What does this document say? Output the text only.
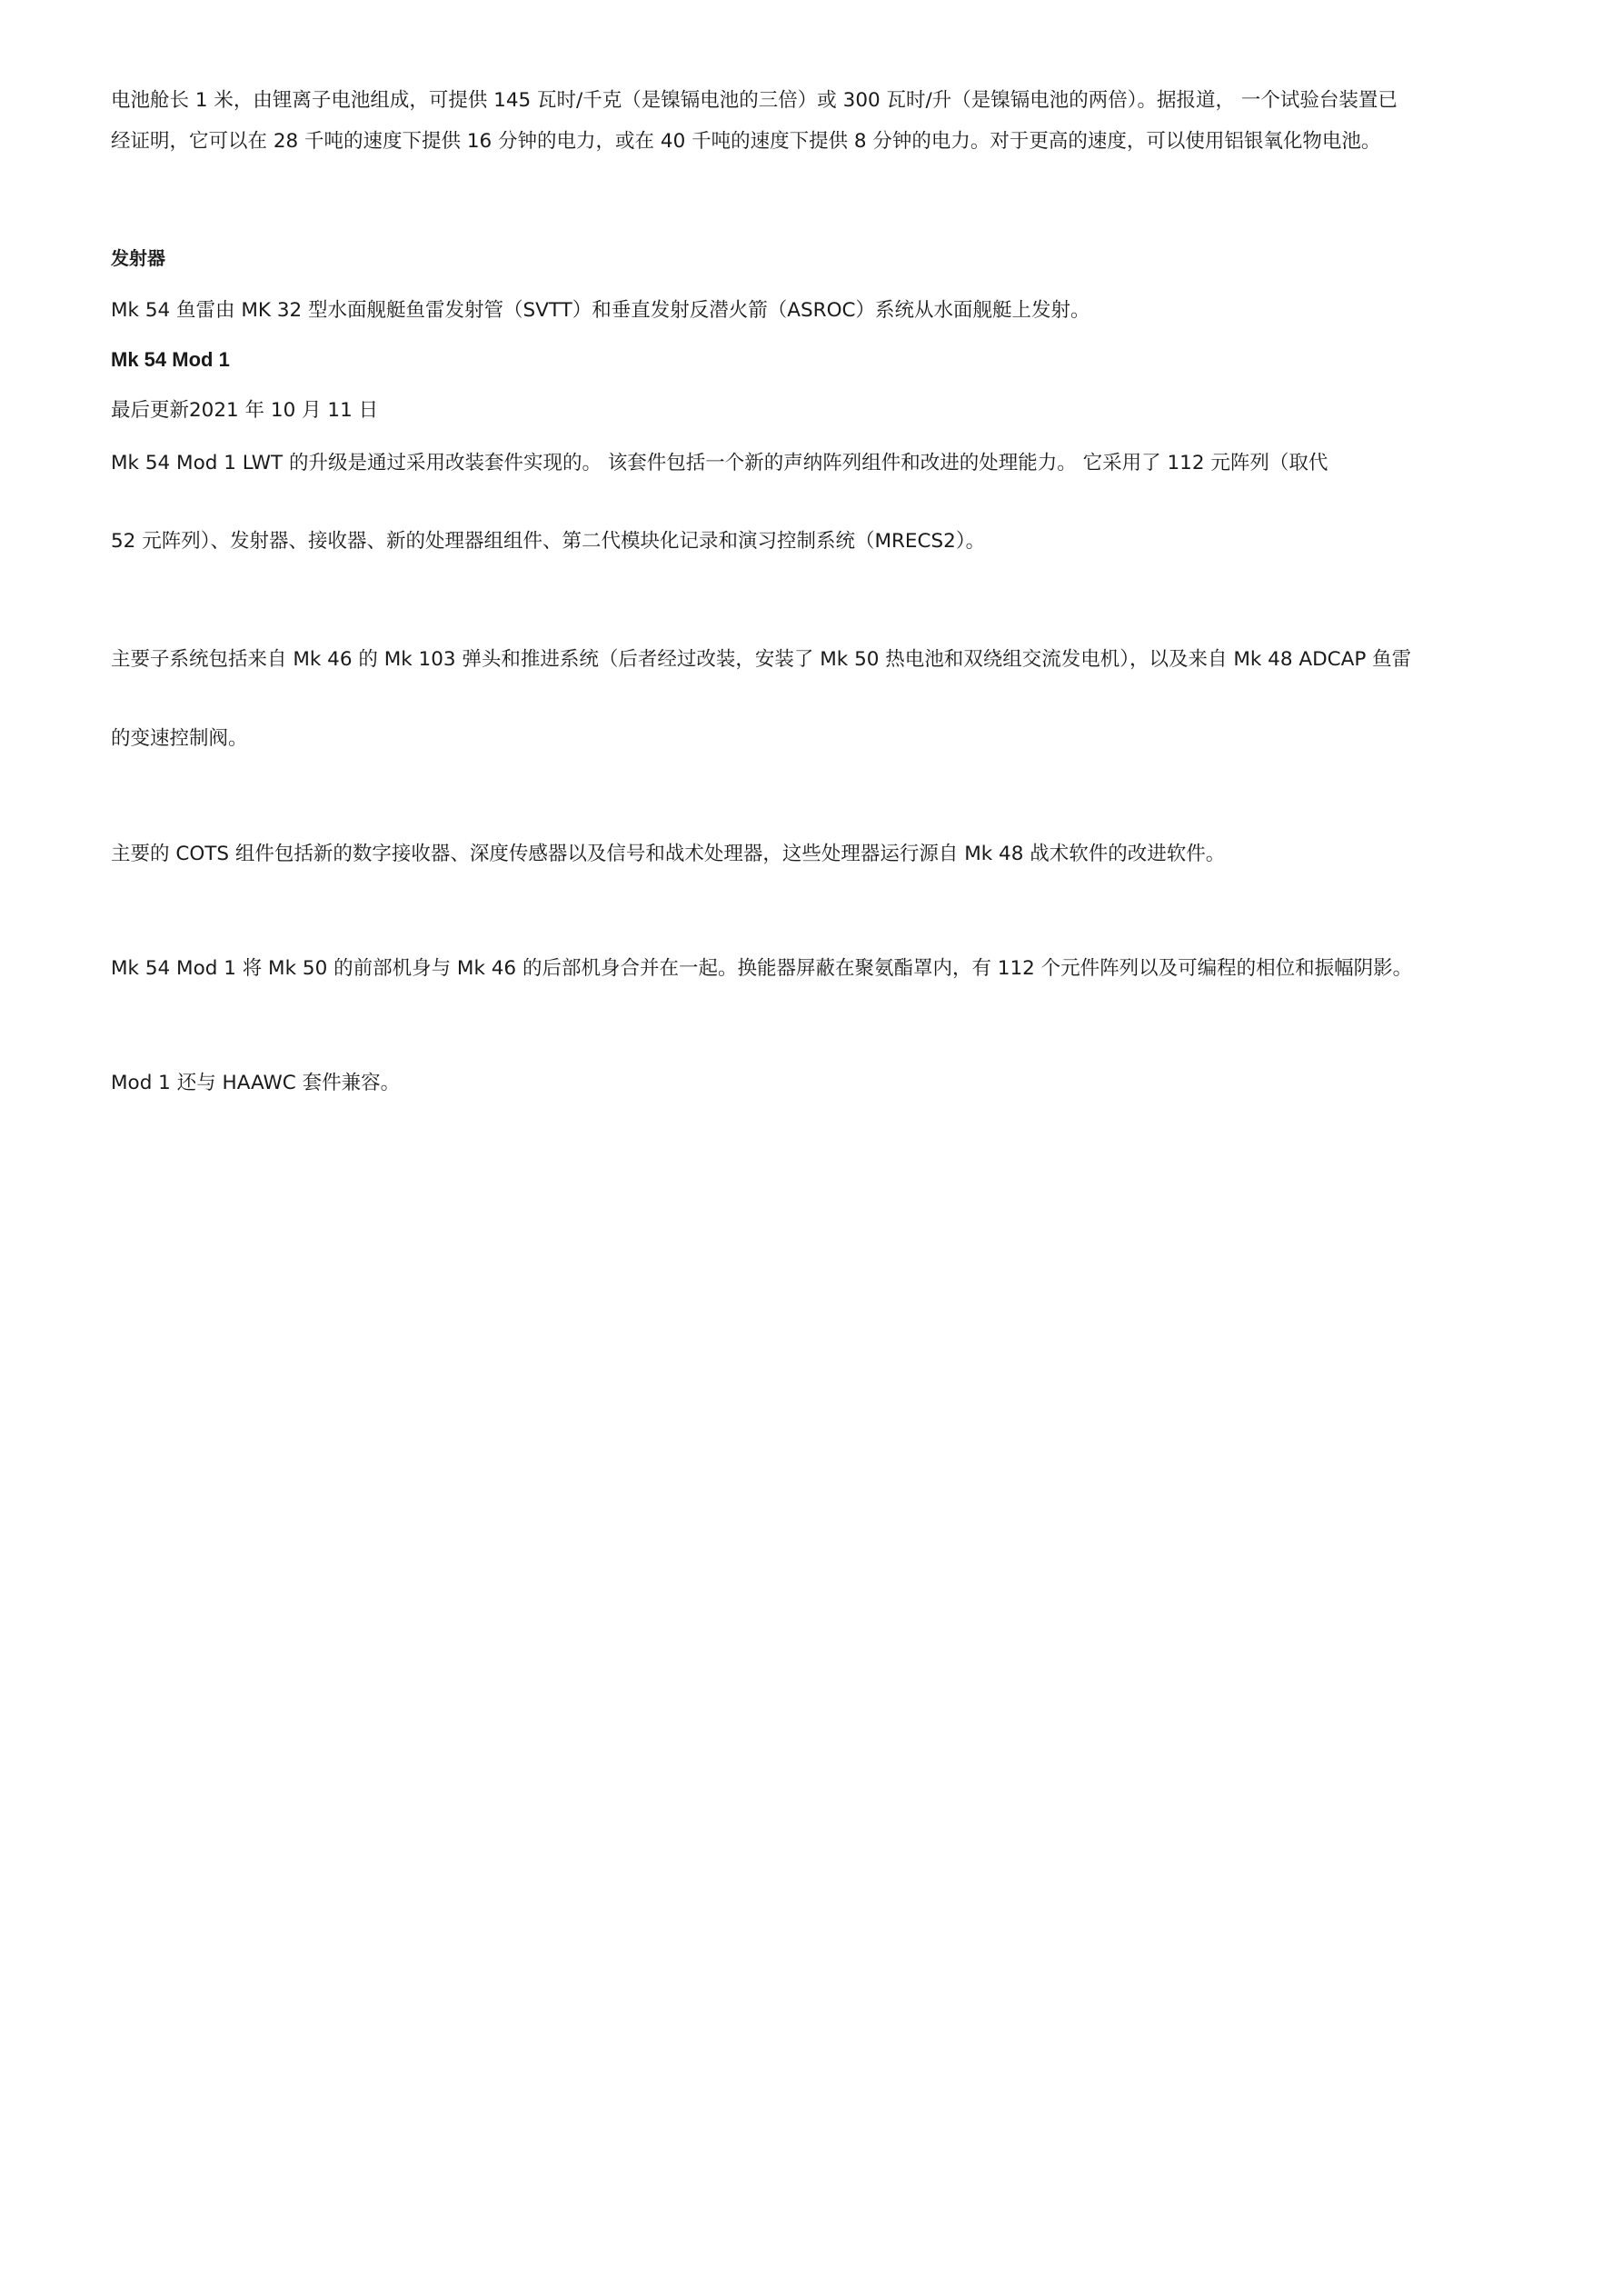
电池舱长 1 米，由锂离子电池组成，可提供 145 瓦时/千克（是镍镉电池的三倍）或 300 瓦时/升（是镍镉电池的两倍）。据报道， 一个试验台装置已

经证明，它可以在 28 千吨的速度下提供 16 分钟的电力，或在 40 千吨的速度下提供 8 分钟的电力。对于更高的速度，可以使用铝银氧化物电池。

发射器

Mk 54 鱼雷由 MK 32 型水面舰艇鱼雷发射管（SVTT）和垂直发射反潜火箭（ASROC）系统从水面舰艇上发射。

Mk 54 Mod 1

最后更新2021 年 10 月 11 日

Mk 54 Mod 1 LWT 的升级是通过采用改装套件实现的。 该套件包括一个新的声纳阵列组件和改进的处理能力。 它采用了 112 元阵列（取代

52 元阵列）、发射器、接收器、新的处理器组组件、第二代模块化记录和演习控制系统（MRECS2）。

主要子系统包括来自 Mk 46 的 Mk 103 弹头和推进系统（后者经过改装，安装了 Mk 50 热电池和双绕组交流发电机），以及来自 Mk 48 ADCAP 鱼雷

的变速控制阀。

主要的 COTS 组件包括新的数字接收器、深度传感器以及信号和战术处理器，这些处理器运行源自 Mk 48 战术软件的改进软件。

Mk 54 Mod 1 将 Mk 50 的前部机身与 Mk 46 的后部机身合并在一起。换能器屏蔽在聚氨酯罩内，有 112 个元件阵列以及可编程的相位和振幅阴影。

Mod 1 还与 HAAWC 套件兼容。
